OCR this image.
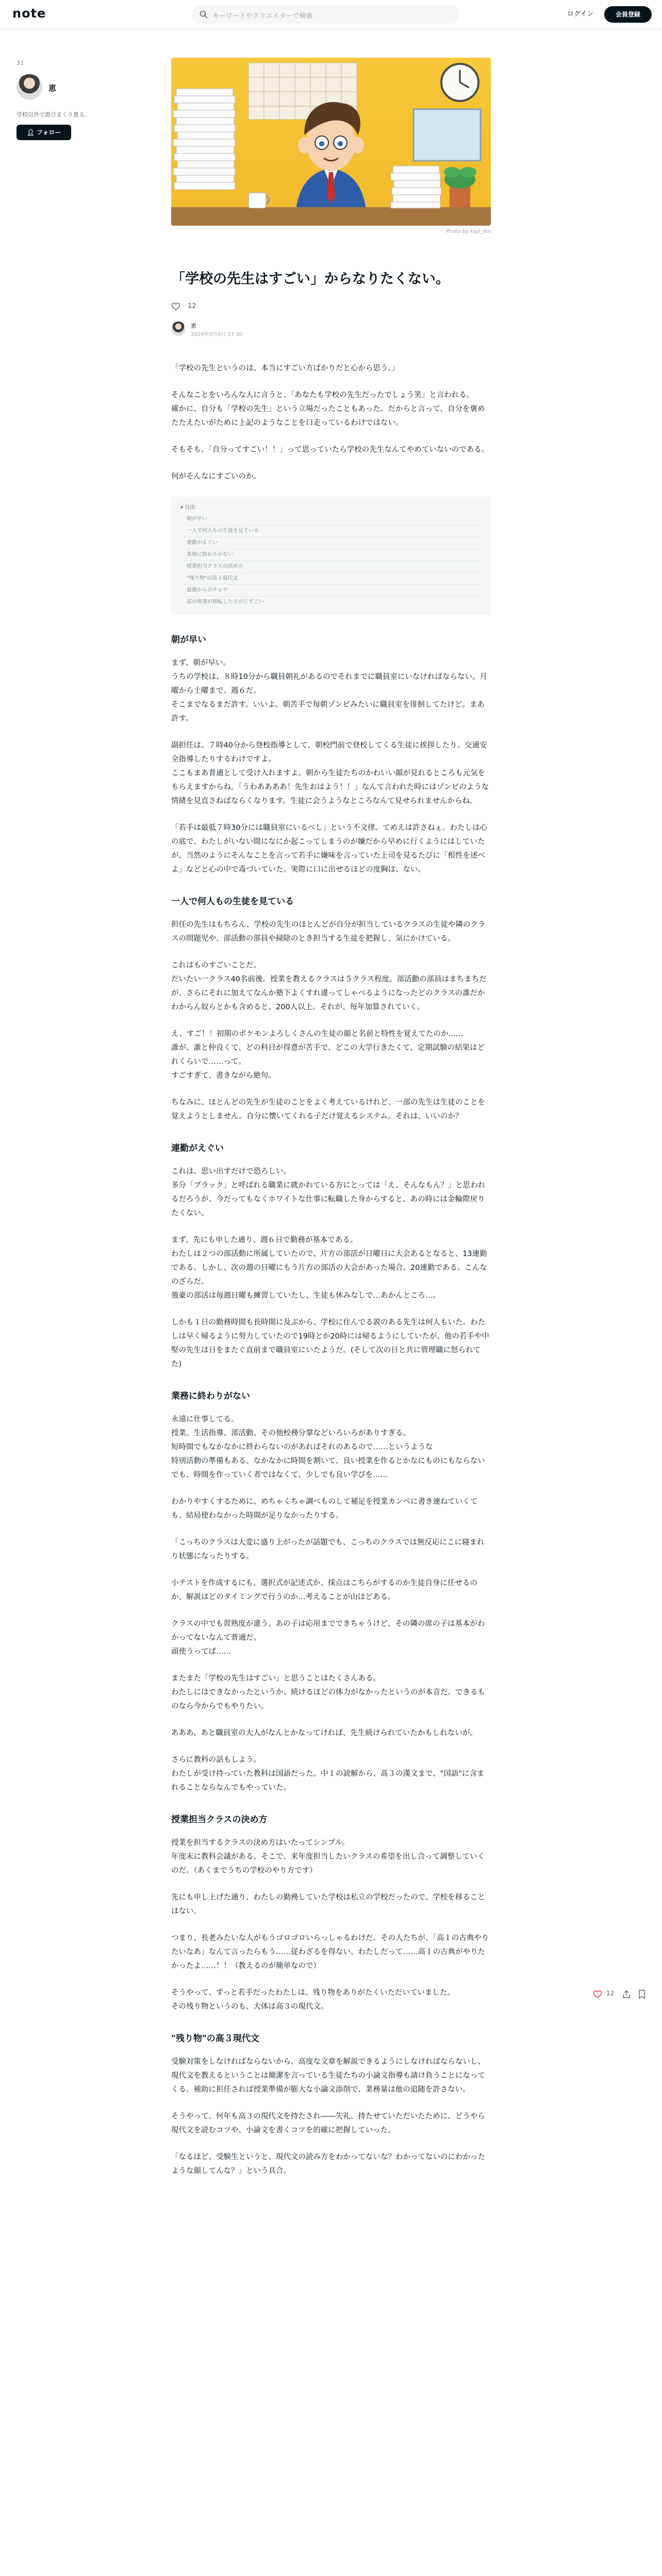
note	キーワードやクリエイターで検索	ログイン	会員登録
31
恵
学校以外で遊びまくり恵る。
👤︎ フォロー
Photo by ksyl_ain
「学校の先生はすごい」からなりたくない。
12
恵
2024年3月9日 17:30

「学校の先生というのは、本当にすごい方ばかりだと心から思う。」

そんなことをいろんな人に言うと、「あなたも学校の先生だったでしょう笑」と言われる。
確かに、自分も「学校の先生」という立場だったこともあった。だからと言って、自分を褒めたたえたいがために上記のようなことを口走っているわけではない。

そもそも、「自分ってすごい！！」って思っていたら学校の先生なんてやめていないのである。

何がそんなにすごいのか。

▾ 目次
朝が早い
一人で何人もの生徒を見ている
連勤がえぐい
業務に終わりがない
授業担当クラスの決め方
"残り物"の高３現代文
最後からのチョウ
部の刑事が移転した方がにすごい
朝が早い

まず、朝が早い。
うちの学校は、８時10分から職員朝礼があるのでそれまでに職員室にいなければならない。月曜から土曜まで。週６だ。
そこまでなるまだ許す。いいよ。朝苦手で毎朝ゾンビみたいに職員室を徘徊してたけど。まあ許す。

副担任は、７時40分から登校指導として、朝校門前で登校してくる生徒に挨拶したり、交通安全指導したりするわけですよ。
ここもまあ普通として受け入れますよ。朝から生徒たちのかわいい顔が見れるところも元気をもらえますからね。「うわああああ！先生おはよう！！」なんて言われた時にはゾンビのような情緒を見直さねばならくなります。生徒に会うようなところなんて見せられませんからね。

「若手は最低７時30分には職員室にいるべし」という不文律。てめえは許さねぇ。わたしは心の底で、わたしがいない間になにか起こってしまうのが嫌だから早めに行くようにはしていたが、当然のようにそんなことを言って若手に嫌味を言っていた上司を見るたびに「根性を述べよ」などと心の中で毒づいていた。実際に口に出せるほどの度胸は、ない。

一人で何人もの生徒を見ている

担任の先生はもちろん、学校の先生のほとんどが自分が担当しているクラスの生徒や隣のクラスの問題児や、部活動の部員や掃除のとき担当する生徒を把握し、気にかけている。

これはものすごいことだ。
だいたい一クラス40名前後。授業を教えるクラスは５クラス程度。部活動の部員はまちまちだが、さらにそれに加えてなんか塾下よくすれ違ってしゃべるようになったどのクラスの誰だかわからん奴らとかも含めると、200人以上。それが、毎年加算されていく。

え、すご！！初期のポケモンよろしくさんの生徒の顔と名前と特性を覚えてたのか……
誰が、誰と仲良くて、どの科目が得意が苦手で、どこの大学行きたくて、定期試験の結果はどれくらいで……って。
すごすぎて、書きながら絶句。

ちなみに、ほとんどの先生が生徒のことをよく考えているけれど、一部の先生は生徒のことを覚えようとしません。自分に懐いてくれる子だけ覚えるシステム。それは、いいのか？

連勤がえぐい

これは、思い出すだけで恐ろしい。
多分「ブラック」と呼ばれる職業に就かれている方にとっては「え、そんなもん？」と思われるだろうが、今だってもなくホワイトな仕事に転職した身からすると、あの時には金輪際戻りたくない。

まず、先にも申した通り、週６日で勤務が基本である。
わたしは２つの部活動に所属していたので、片方の部活が日曜日に大会あるとなると、13連勤である。しかし、次の週の日曜にもう片方の部活の大会があった場合、20連勤である。こんなのざらだ。
強豪の部活は毎週日曜も練習していたし、生徒も休みなしで…あかんところ…。

しかも１日の勤務時間も長時間に及ぶから、学校に住んでる説のある先生は何人もいた。わたしは早く帰るように努力していたので19時とか20時には帰るようにしていたが、他の若手や中堅の先生は日をまたぐ直前まで職員室にいたようだ。(そして次の日と共に管理職に怒られてた)

業務に終わりがない

永遠に仕事してる。
授業、生活指導、部活動、その他校務分掌などいろいろがありすぎる。
短時間でもなかなかに終わらないのがあればそれのあるので……というような
特別活動の準備もある。なかなかに時間を割いて、良い授業を作るとかなにものにもならないでも、時間を作っていく者ではなくて、少しでも良い学びを……

わかりやすくするために、めちゃくちゃ調べものして補足を授業カンペに書き連ねていくても、結局使わなかった時間が足りなかったりする。

「こっちのクラスは大変に盛り上がったが話題でも、こっちのクラスでは無反応にこに寝まれり状態になったりする。

小テストを作成するにも、選択式が記述式か、採点はこちらがするのか生徒自身に任せるのか、解説はどのタイミングで行うのか…考えることが山ほどある。

クラスの中でも習熟度が違う。あの子は応用までできちゃうけど、その隣の席の子は基本がわかってないなんて普通だ。
頭使うってば……

またまた「学校の先生はすごい」と思うことはたくさんある。
わたしにはできなかったというか、続けるほどの体力がなかったというのが本音だ。できるものなら今からでもやりたい。

あああ、あと職員室の大人がなんとかなってければ、先生続けられていたかもしれないが。

さらに教科の話もしよう。
わたしが受け持っていた教科は国語だった。中１の読解から、高３の漢文まで、"国語"に含まれることならなんでもやっていた。

授業担当クラスの決め方

授業を担当するクラスの決め方はいたってシンプル。
年度末に教科会議がある。そこで、来年度担当したいクラスの希望を出し合って調整していくのだ。（あくまでうちの学校のやり方です）

先にも申し上げた通り、わたしの勤務していた学校は私立の学校だったので、学校を移ることはない。

つまり、長老みたいな人がもうゴロゴロいらっしゃるわけだ。その人たちが、「高１の古典やりたいなあ」なんて言ったらもう……従わざるを得ない。わたしだって……高１の古典がやりたかったよ……！！（教えるのが簡単なので）

そうやって、ずっと若手だったわたしは、残り物をありがたくいただいていました。
その残り物というのも、大体は高３の現代文。

"残り物"の高３現代文

受験対策をしなければならないから、高度な文章を解説できるようにしなければならないし、現代文を教えるということは簡潔を言っている生徒たちの小論文指導も請け負うことになってくる。補助に担任されば授業準備が膨大な小論文添削で、業務量は他の追随を許さない。

そうやって、何年も高３の現代文を持たされ――失礼、持たせていただいたために、どうやら現代文を読むコツや、小論文を書くコツを的確に把握していった。

「なるほど、受験生というと、現代文の読み方をわかってないな？わかってないのにわかったような顔してんな？」という具合。

12
